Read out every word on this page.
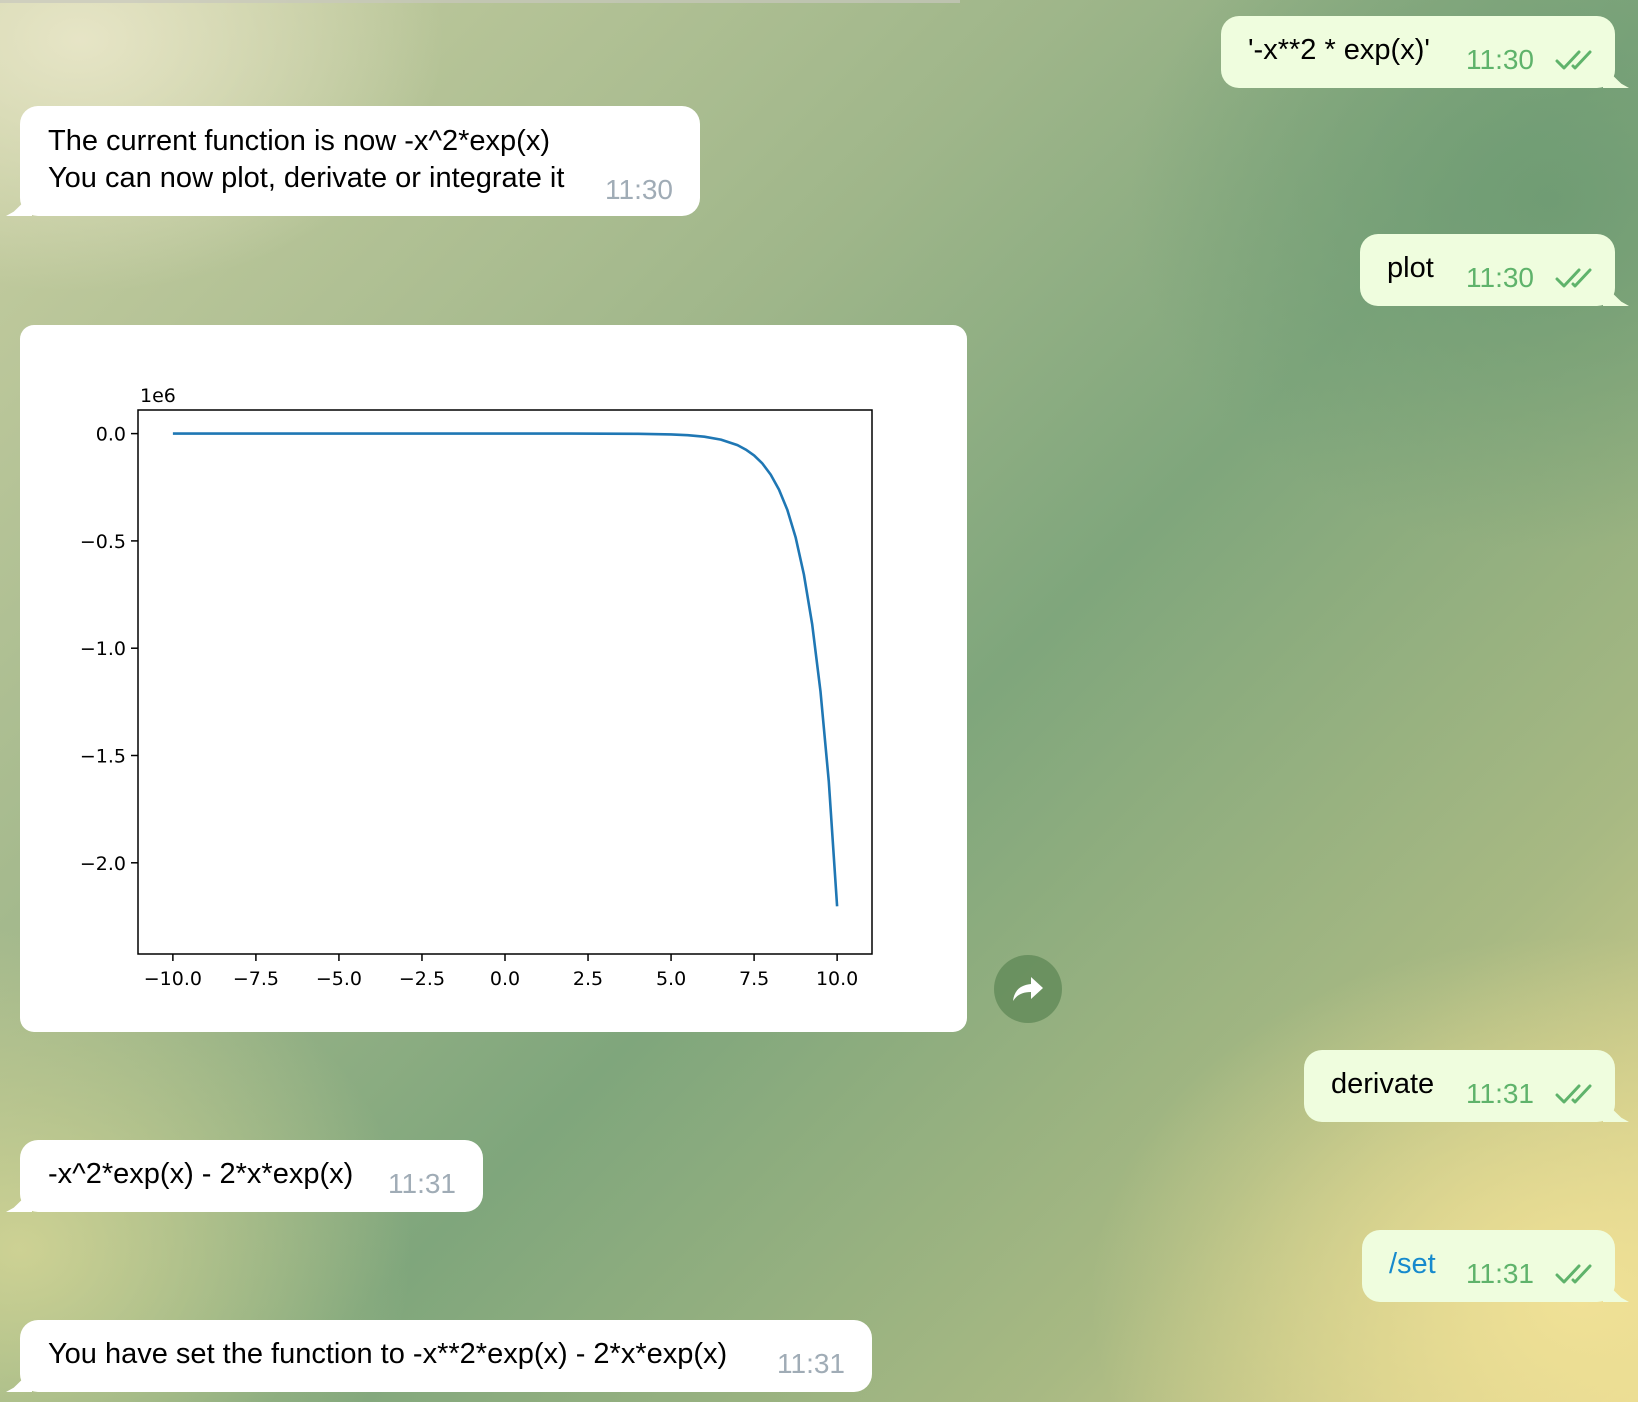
'-x**2 * exp(x)' 11:30
The current function is now -x^2*exp(x)
You can now plot, derivate or integrate it 11:30
plot 11:30
1e6
−10.0 −7.5 −5.0 −2.5 0.0	2.5	5.0	7.5 10.0
0.0
−0.5
−1.0
−1.5
−2.0
derivate 11:31
-x^2*exp(x) - 2*x*exp(x) 11:31
/set 11:31
You have set the function to -x**2*exp(x) - 2*x*exp(x) 11:31
